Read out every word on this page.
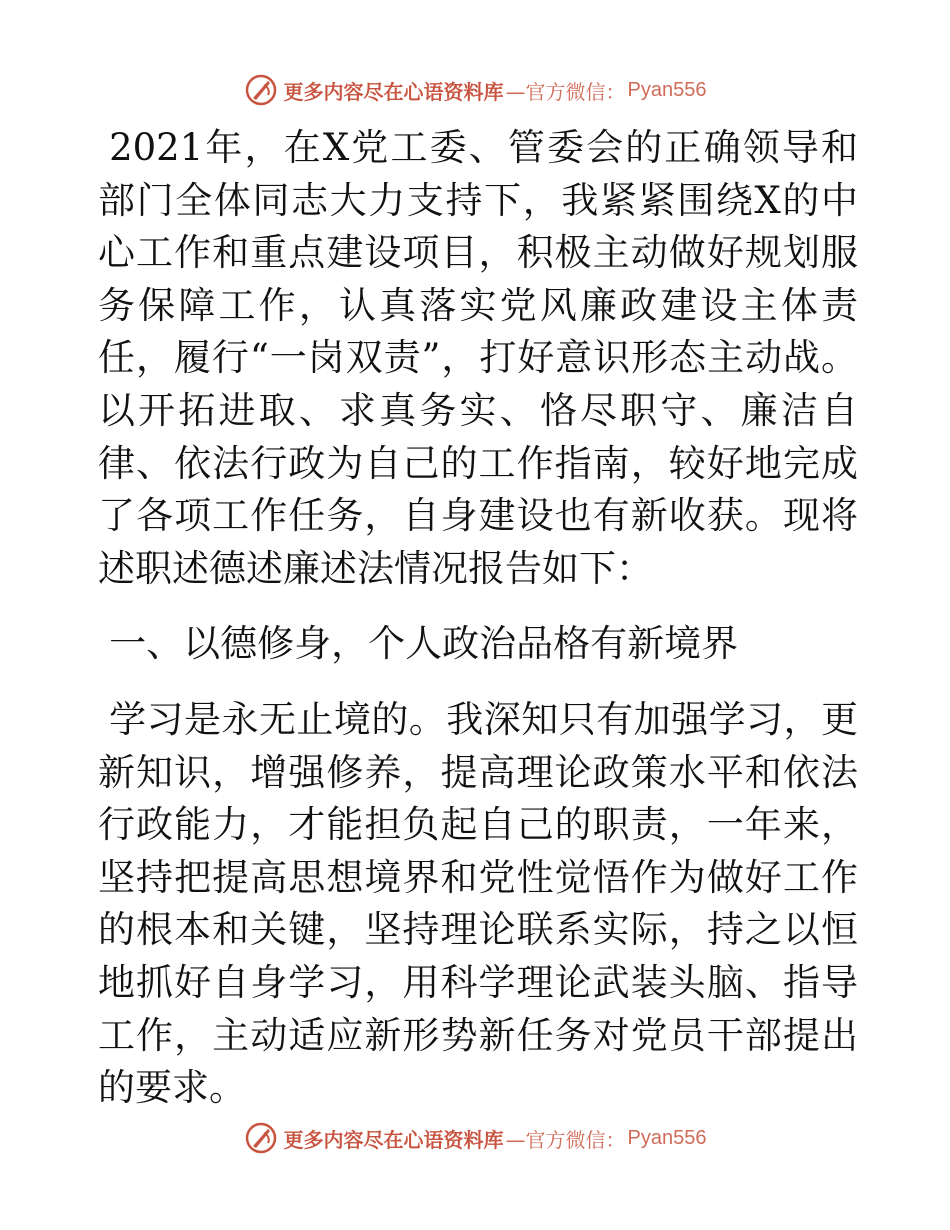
更多内容尽在心语资料库 —官方微信： Pyan556

2021年，在X党工委、管委会的正确领导和部门全体同志大力支持下，我紧紧围绕X的中心工作和重点建设项目，积极主动做好规划服务保障工作，认真落实党风廉政建设主体责任，履行“一岗双责”，打好意识形态主动战。以开拓进取、求真务实、恪尽职守、廉洁自律、依法行政为自己的工作指南，较好地完成了各项工作任务，自身建设也有新收获。现将述职述德述廉述法情况报告如下：

一、以德修身，个人政治品格有新境界

学习是永无止境的。我深知只有加强学习，更新知识，增强修养，提高理论政策水平和依法行政能力，才能担负起自己的职责，一年来，坚持把提高思想境界和党性觉悟作为做好工作的根本和关键，坚持理论联系实际，持之以恒地抓好自身学习，用科学理论武装头脑、指导工作，主动适应新形势新任务对党员干部提出的要求。

更多内容尽在心语资料库 —官方微信： Pyan556
